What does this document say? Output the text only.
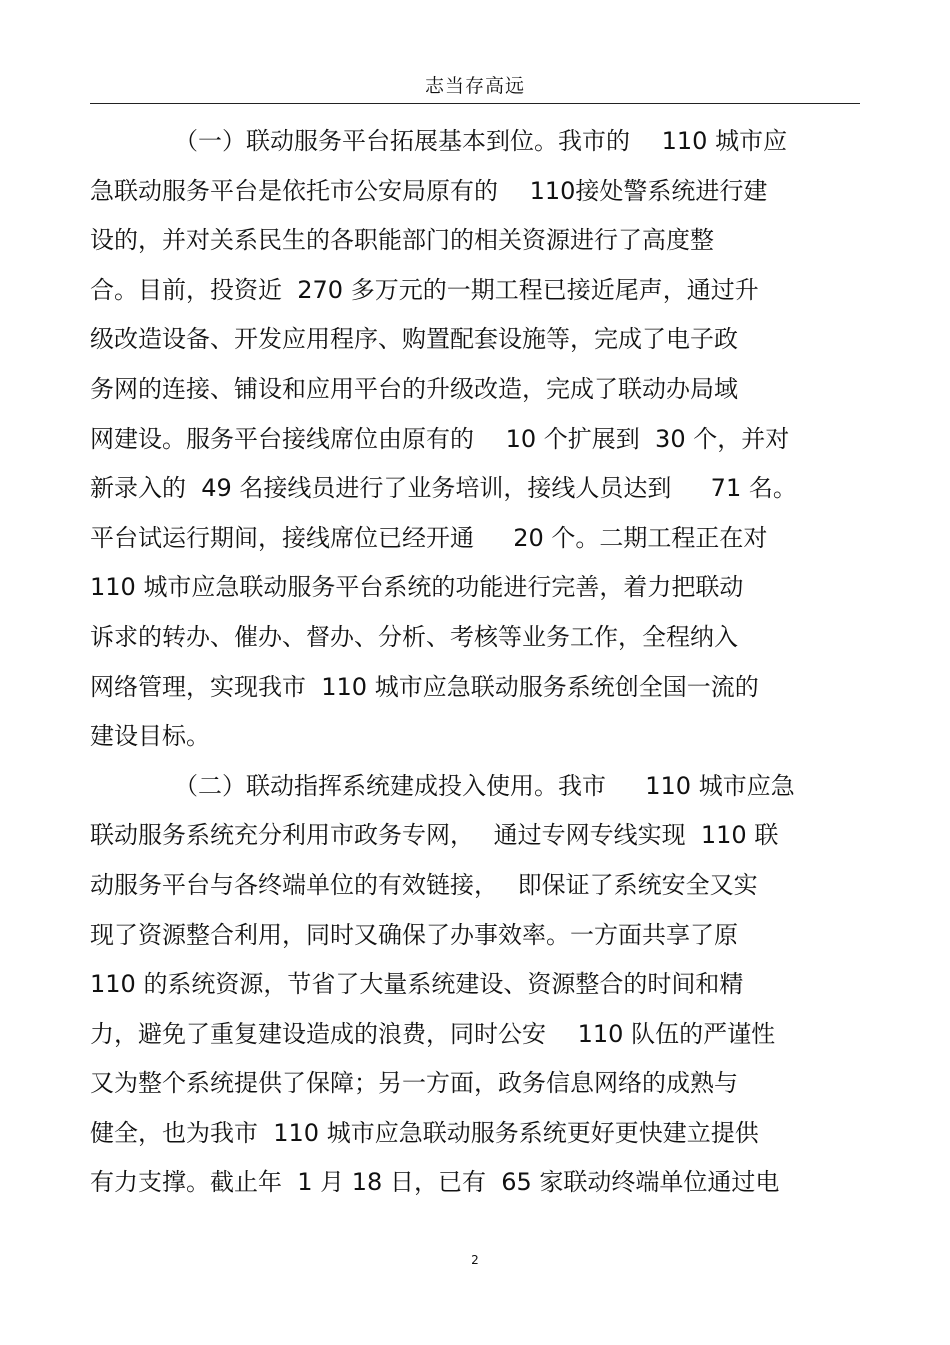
志当存高远
（一）联动服务平台拓展基本到位。我市的　 110 城市应
急联动服务平台是依托市公安局原有的　 110接处警系统进行建
设的，并对关系民生的各职能部门的相关资源进行了高度整
合。目前，投资近  270 多万元的一期工程已接近尾声，通过升
级改造设备、开发应用程序、购置配套设施等，完成了电子政
务网的连接、铺设和应用平台的升级改造，完成了联动办局域
网建设。服务平台接线席位由原有的　 10 个扩展到  30 个，并对
新录入的  49 名接线员进行了业务培训，接线人员达到　  71 名。
平台试运行期间，接线席位已经开通　  20 个。二期工程正在对
110 城市应急联动服务平台系统的功能进行完善，着力把联动
诉求的转办、催办、督办、分析、考核等业务工作，全程纳入
网络管理，实现我市  110 城市应急联动服务系统创全国一流的
建设目标。
（二）联动指挥系统建成投入使用。我市　  110 城市应急
联动服务系统充分利用市政务专网，　 通过专网专线实现  110 联
动服务平台与各终端单位的有效链接，　 即保证了系统安全又实
现了资源整合利用，同时又确保了办事效率。一方面共享了原
110 的系统资源，节省了大量系统建设、资源整合的时间和精
力，避免了重复建设造成的浪费，同时公安　 110 队伍的严谨性
又为整个系统提供了保障；另一方面，政务信息网络的成熟与
健全，也为我市  110 城市应急联动服务系统更好更快建立提供
有力支撑。截止年  1 月 18 日，已有  65 家联动终端单位通过电
2
